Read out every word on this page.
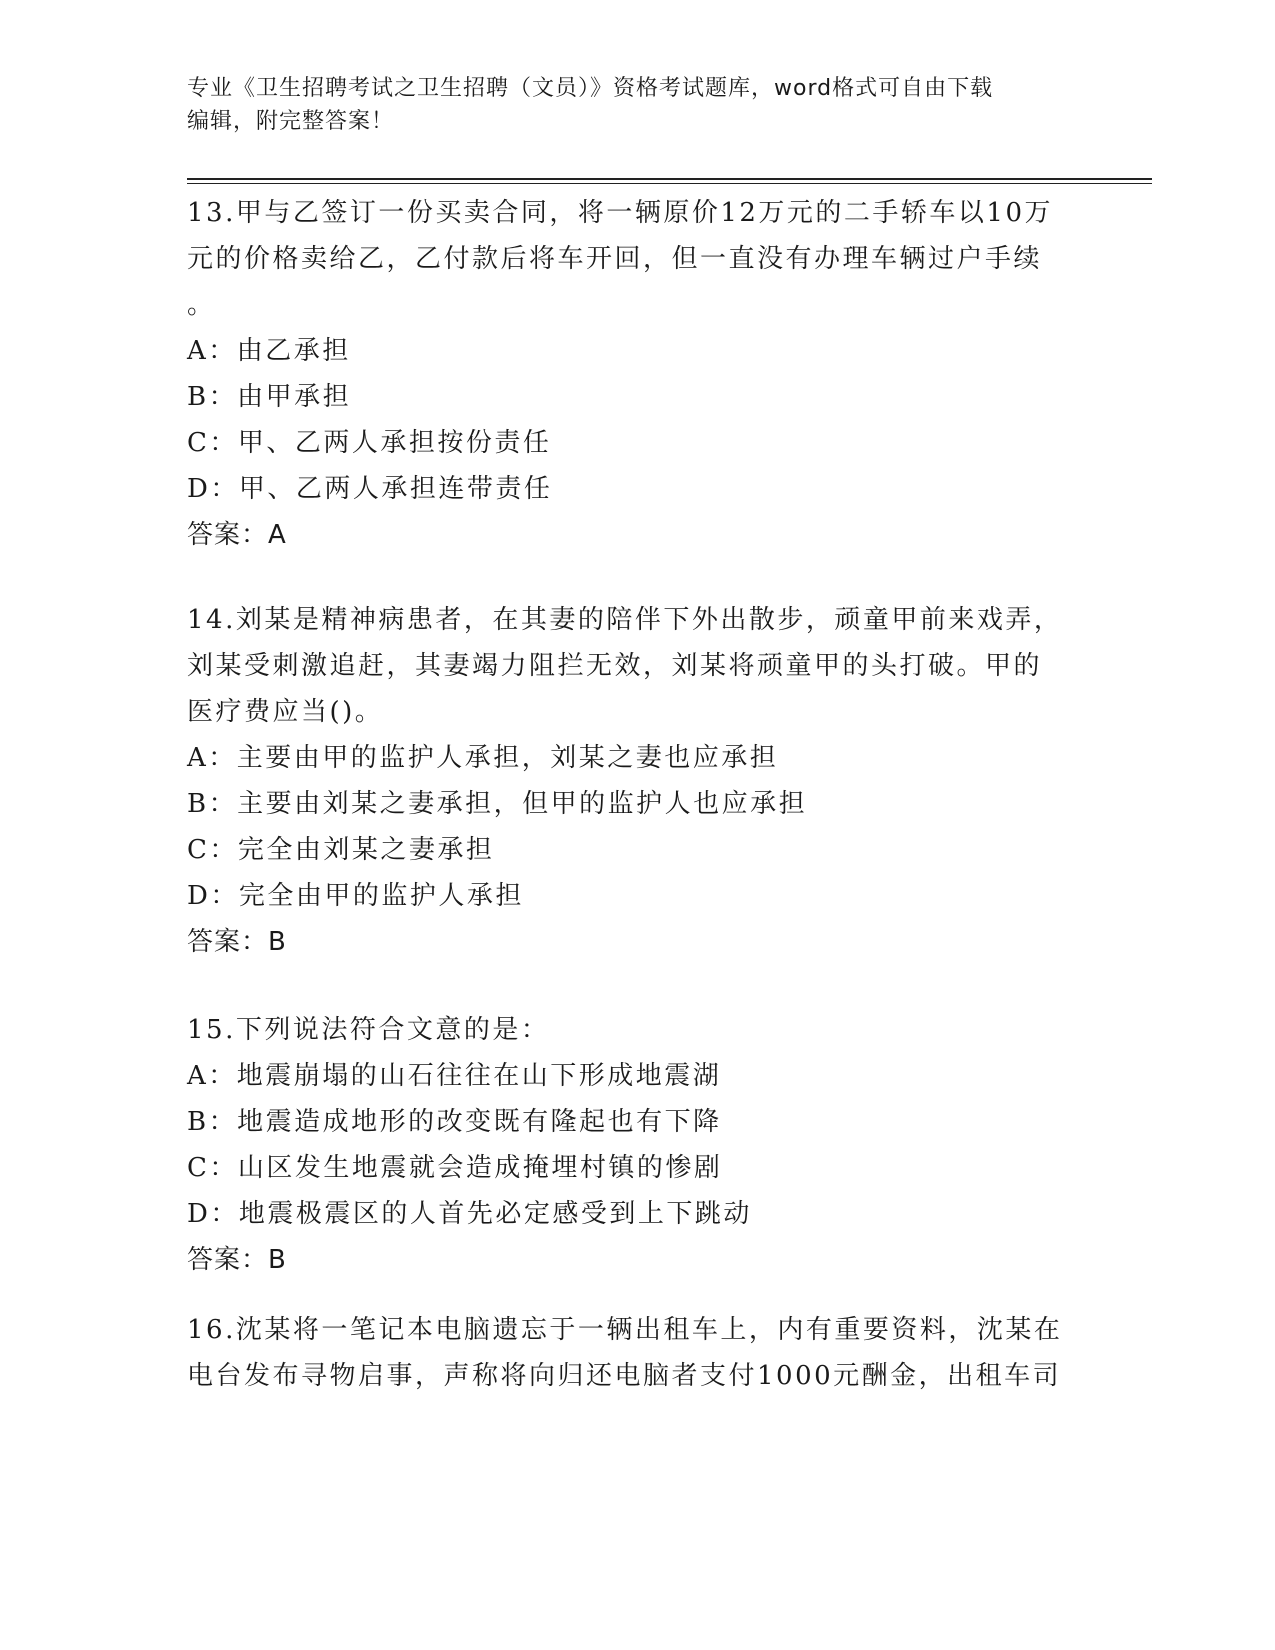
专业《卫生招聘考试之卫生招聘（文员）》资格考试题库，word格式可自由下载
编辑，附完整答案！
13.甲与乙签订一份买卖合同，将一辆原价12万元的二手轿车以10万
元的价格卖给乙，乙付款后将车开回，但一直没有办理车辆过户手续
。
A：由乙承担
B：由甲承担
C：甲、乙两人承担按份责任
D：甲、乙两人承担连带责任
答案：A
14.刘某是精神病患者，在其妻的陪伴下外出散步，顽童甲前来戏弄，
刘某受刺激追赶，其妻竭力阻拦无效，刘某将顽童甲的头打破。甲的
医疗费应当()。
A：主要由甲的监护人承担，刘某之妻也应承担
B：主要由刘某之妻承担，但甲的监护人也应承担
C：完全由刘某之妻承担
D：完全由甲的监护人承担
答案：B
15.下列说法符合文意的是：
A：地震崩塌的山石往往在山下形成地震湖
B：地震造成地形的改变既有隆起也有下降
C：山区发生地震就会造成掩埋村镇的惨剧
D：地震极震区的人首先必定感受到上下跳动
答案：B
16.沈某将一笔记本电脑遗忘于一辆出租车上，内有重要资料，沈某在
电台发布寻物启事，声称将向归还电脑者支付1000元酬金，出租车司
